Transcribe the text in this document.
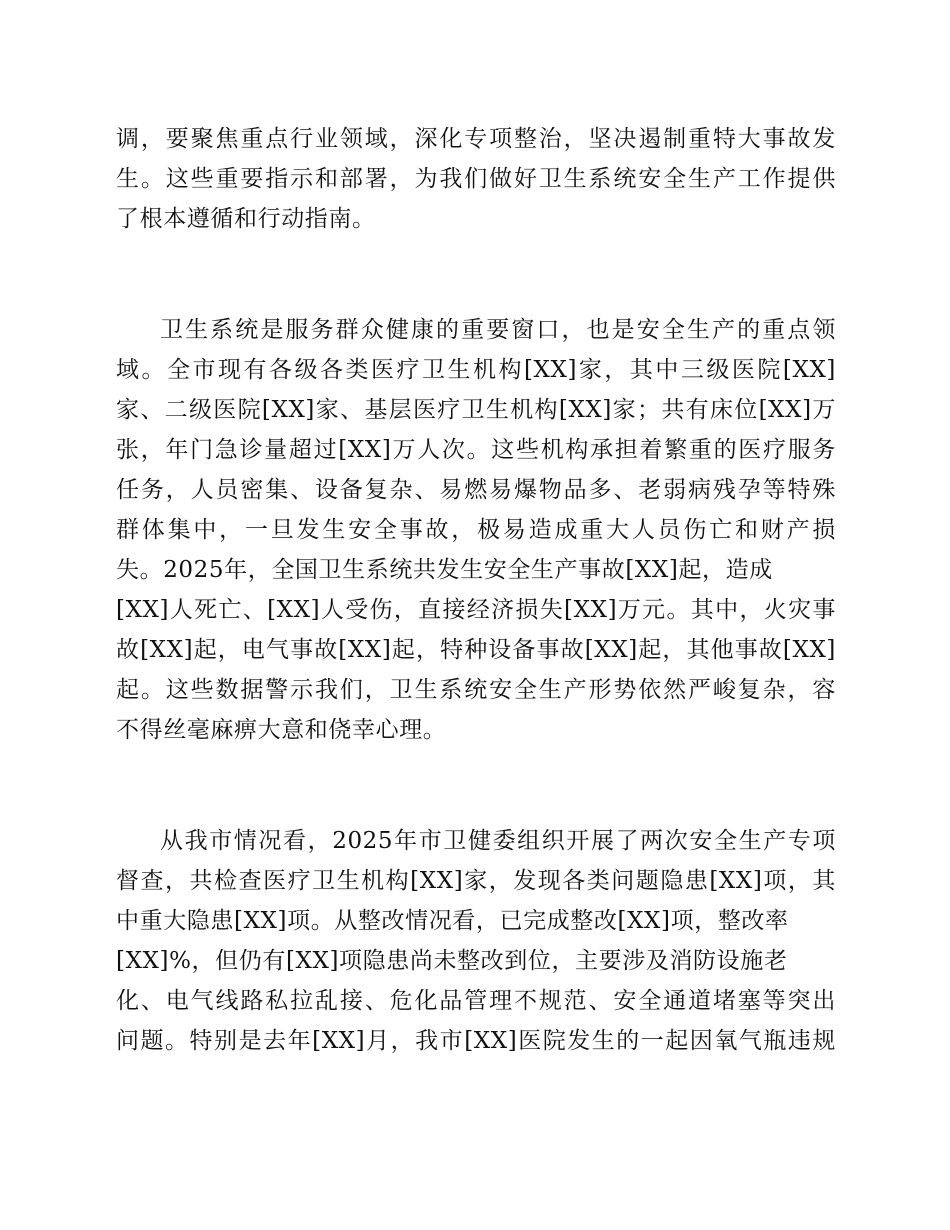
调，要聚焦重点行业领域，深化专项整治，坚决遏制重特大事故发
生。这些重要指示和部署，为我们做好卫生系统安全生产工作提供
了根本遵循和行动指南。
卫生系统是服务群众健康的重要窗口，也是安全生产的重点领
域。全市现有各级各类医疗卫生机构[XX]家，其中三级医院[XX]
家、二级医院[XX]家、基层医疗卫生机构[XX]家；共有床位[XX]万
张，年门急诊量超过[XX]万人次。这些机构承担着繁重的医疗服务
任务，人员密集、设备复杂、易燃易爆物品多、老弱病残孕等特殊
群体集中，一旦发生安全事故，极易造成重大人员伤亡和财产损
失。2025年，全国卫生系统共发生安全生产事故[XX]起，造成
[XX]人死亡、[XX]人受伤，直接经济损失[XX]万元。其中，火灾事
故[XX]起，电气事故[XX]起，特种设备事故[XX]起，其他事故[XX]
起。这些数据警示我们，卫生系统安全生产形势依然严峻复杂，容
不得丝毫麻痹大意和侥幸心理。
从我市情况看，2025年市卫健委组织开展了两次安全生产专项
督查，共检查医疗卫生机构[XX]家，发现各类问题隐患[XX]项，其
中重大隐患[XX]项。从整改情况看，已完成整改[XX]项，整改率
[XX]%，但仍有[XX]项隐患尚未整改到位，主要涉及消防设施老
化、电气线路私拉乱接、危化品管理不规范、安全通道堵塞等突出
问题。特别是去年[XX]月，我市[XX]医院发生的一起因氧气瓶违规
